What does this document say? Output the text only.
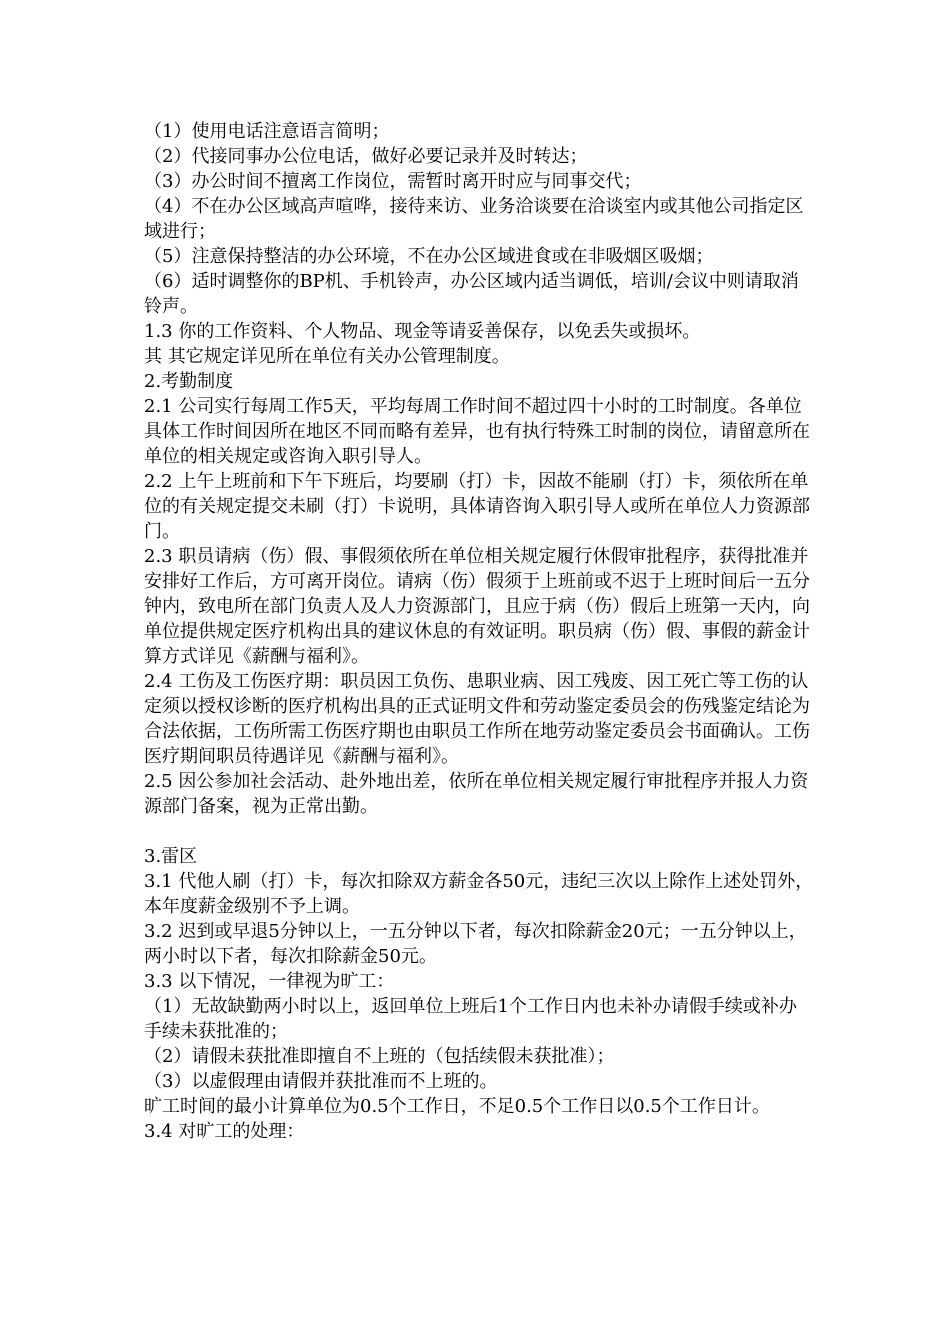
（1）使用电话注意语言简明；

（2）代接同事办公位电话，做好必要记录并及时转达；

（3）办公时间不擅离工作岗位，需暂时离开时应与同事交代；

（4）不在办公区域高声喧哗，接待来访、业务洽谈要在洽谈室内或其他公司指定区域进行；

（5）注意保持整洁的办公环境，不在办公区域进食或在非吸烟区吸烟；

（6）适时调整你的BP机、手机铃声，办公区域内适当调低，培训/会议中则请取消铃声。

1.3 你的工作资料、个人物品、现金等请妥善保存，以免丢失或损坏。

其 其它规定详见所在单位有关办公管理制度。

2.考勤制度

2.1 公司实行每周工作5天，平均每周工作时间不超过四十小时的工时制度。各单位具体工作时间因所在地区不同而略有差异，也有执行特殊工时制的岗位，请留意所在单位的相关规定或咨询入职引导人。

2.2 上午上班前和下午下班后，均要刷（打）卡，因故不能刷（打）卡，须依所在单位的有关规定提交未刷（打）卡说明，具体请咨询入职引导人或所在单位人力资源部门。

2.3 职员请病（伤）假、事假须依所在单位相关规定履行休假审批程序，获得批准并安排好工作后，方可离开岗位。请病（伤）假须于上班前或不迟于上班时间后一五分钟内，致电所在部门负责人及人力资源部门，且应于病（伤）假后上班第一天内，向单位提供规定医疗机构出具的建议休息的有效证明。职员病（伤）假、事假的薪金计算方式详见《薪酬与福利》。

2.4 工伤及工伤医疗期：职员因工负伤、患职业病、因工残废、因工死亡等工伤的认定须以授权诊断的医疗机构出具的正式证明文件和劳动鉴定委员会的伤残鉴定结论为合法依据，工伤所需工伤医疗期也由职员工作所在地劳动鉴定委员会书面确认。工伤医疗期间职员待遇详见《薪酬与福利》。

2.5 因公参加社会活动、赴外地出差，依所在单位相关规定履行审批程序并报人力资源部门备案，视为正常出勤。

3.雷区

3.1 代他人刷（打）卡，每次扣除双方薪金各50元，违纪三次以上除作上述处罚外，本年度薪金级别不予上调。

3.2 迟到或早退5分钟以上，一五分钟以下者，每次扣除薪金20元；一五分钟以上，两小时以下者，每次扣除薪金50元。

3.3 以下情况，一律视为旷工：

（1）无故缺勤两小时以上，返回单位上班后1个工作日内也未补办请假手续或补办手续未获批准的；

（2）请假未获批准即擅自不上班的（包括续假未获批准）；

（3）以虚假理由请假并获批准而不上班的。

旷工时间的最小计算单位为0.5个工作日，不足0.5个工作日以0.5个工作日计。

3.4 对旷工的处理：
